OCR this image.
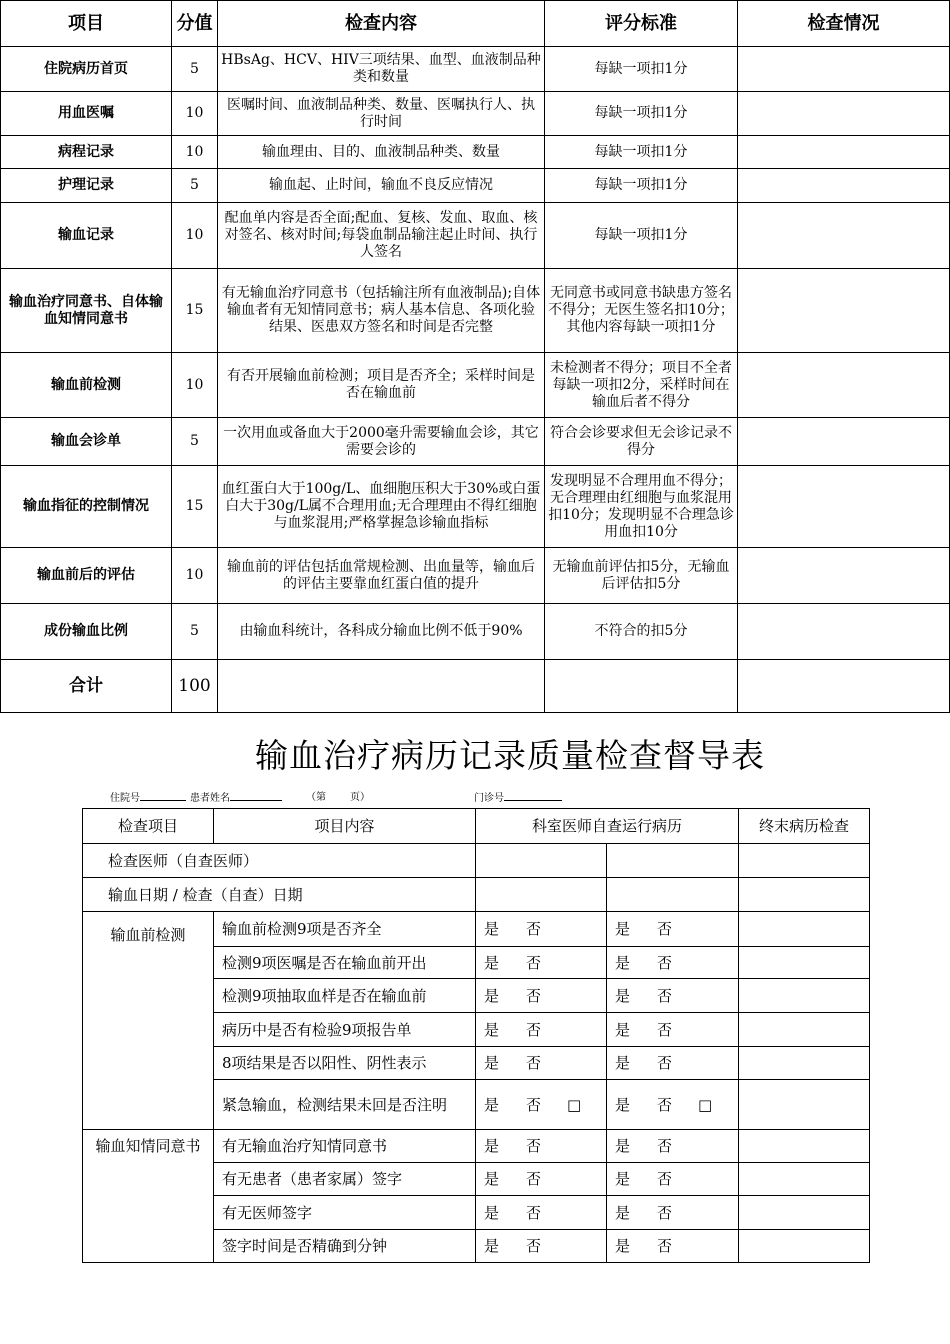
项目	分值	检查内容	评分标准	检查情况
住院病历首页	5	HBsAg、HCV、HIV三项结果、血型、血液制品种类和数量	每缺一项扣1分	
用血医嘱	10	医嘱时间、血液制品种类、数量、医嘱执行人、执行时间	每缺一项扣1分	
病程记录	10	输血理由、目的、血液制品种类、数量	每缺一项扣1分	
护理记录	5	输血起、止时间，输血不良反应情况	每缺一项扣1分	
输血记录	10	配血单内容是否全面;配血、复核、发血、取血、核对签名、核对时间;每袋血制品输注起止时间、执行人签名	每缺一项扣1分	
输血治疗同意书、自体输血知情同意书	15	有无输血治疗同意书（包括输注所有血液制品);自体输血者有无知情同意书；病人基本信息、各项化验结果、医患双方签名和时间是否完整	无同意书或同意书缺患方签名不得分；无医生签名扣10分；其他内容每缺一项扣1分	
输血前检测	10	有否开展输血前检测；项目是否齐全；采样时间是否在输血前	未检测者不得分；项目不全者每缺一项扣2分，采样时间在输血后者不得分	
输血会诊单	5	一次用血或备血大于2000毫升需要输血会诊，其它需要会诊的	符合会诊要求但无会诊记录不得分	
输血指征的控制情况	15	血红蛋白大于100g/L、血细胞压积大于30%或白蛋白大于30g/L属不合理用血;无合理理由不得红细胞与血浆混用;严格掌握急诊输血指标	发现明显不合理用血不得分；无合理理由红细胞与血浆混用扣10分；发现明显不合理急诊用血扣10分	
输血前后的评估	10	输血前的评估包括血常规检测、出血量等，输血后的评估主要靠血红蛋白值的提升	无输血前评估扣5分，无输血后评估扣5分	
成份输血比例	5	由输血科统计，各科成分输血比例不低于90%	不符合的扣5分	
合计	100			
输血治疗病历记录质量检查督导表
住院号	患者姓名	（第 页）	门诊号
检查项目	项目内容	科室医师自查运行病历		终末病历检查
检查医师（自查医师）				
输血日期 / 检查（自查）日期				
输血前检测	输血前检测9项是否齐全	是 否	是 否	
	检测9项医嘱是否在输血前开出	是 否	是 否	
	检测9项抽取血样是否在输血前	是 否	是 否	
	病历中是否有检验9项报告单	是 否	是 否	
	8项结果是否以阳性、阴性表示	是 否	是 否	
	紧急输血，检测结果未回是否注明	是 否 □	是 否 □	
输血知情同意书	有无输血治疗知情同意书	是 否	是 否	
	有无患者（患者家属）签字	是 否	是 否	
	有无医师签字	是 否	是 否	
	签字时间是否精确到分钟	是 否	是 否	
